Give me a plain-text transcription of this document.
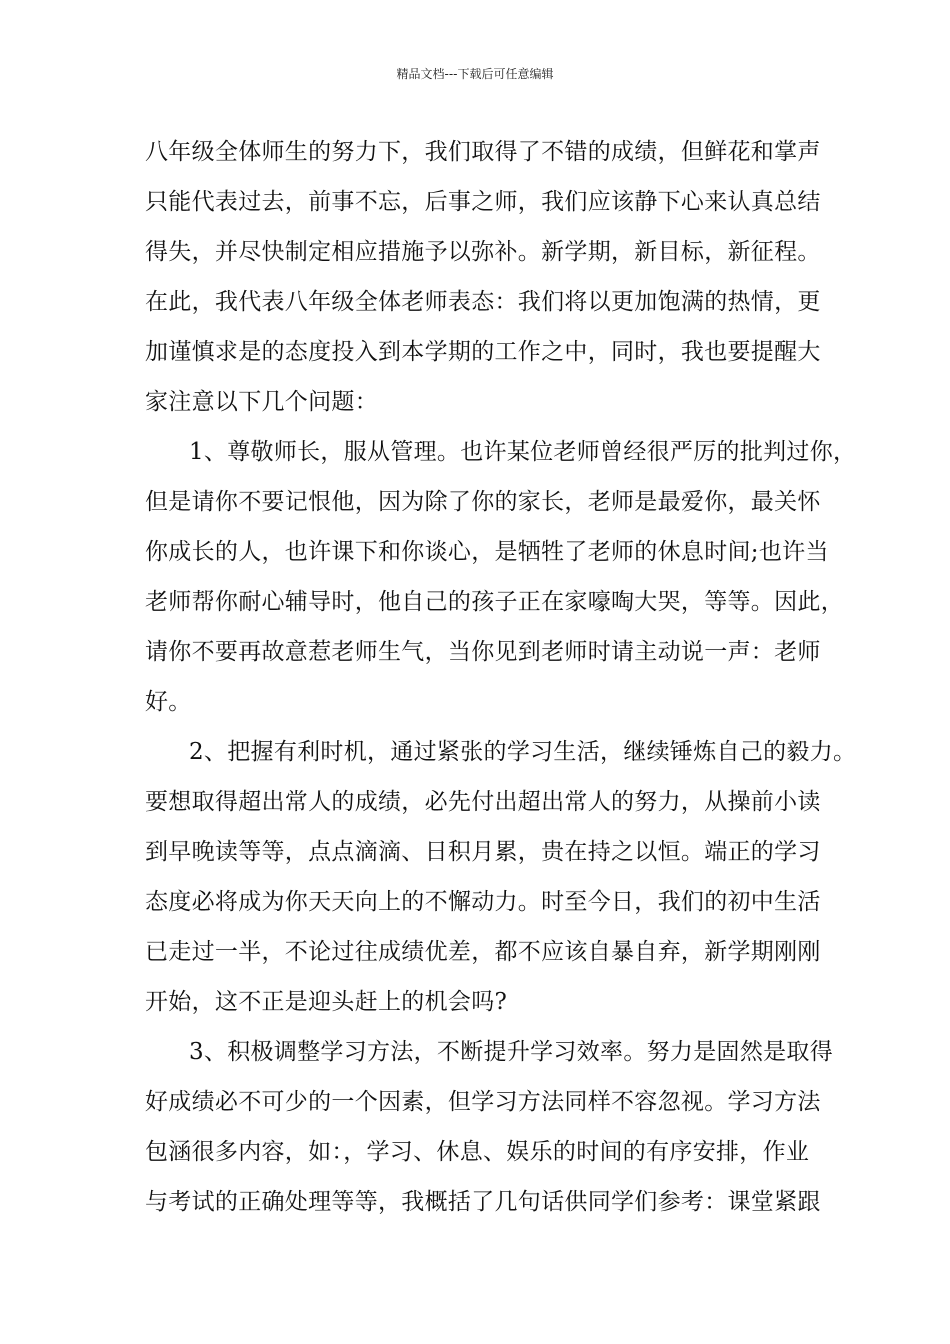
精品文档---下载后可任意编辑
八年级全体师生的努力下，我们取得了不错的成绩，但鲜花和掌声
只能代表过去，前事不忘，后事之师，我们应该静下心来认真总结
得失，并尽快制定相应措施予以弥补。新学期，新目标，新征程。
在此，我代表八年级全体老师表态：我们将以更加饱满的热情，更
加谨慎求是的态度投入到本学期的工作之中，同时，我也要提醒大
家注意以下几个问题：
1、尊敬师长，服从管理。也许某位老师曾经很严厉的批判过你，
但是请你不要记恨他，因为除了你的家长，老师是最爱你，最关怀
你成长的人，也许课下和你谈心，是牺牲了老师的休息时间;也许当
老师帮你耐心辅导时，他自己的孩子正在家嚎啕大哭，等等。因此，
请你不要再故意惹老师生气，当你见到老师时请主动说一声：老师
好。
2、把握有利时机，通过紧张的学习生活，继续锤炼自己的毅力。
要想取得超出常人的成绩，必先付出超出常人的努力，从操前小读
到早晚读等等，点点滴滴、日积月累，贵在持之以恒。端正的学习
态度必将成为你天天向上的不懈动力。时至今日，我们的初中生活
已走过一半，不论过往成绩优差，都不应该自暴自弃，新学期刚刚
开始，这不正是迎头赶上的机会吗?
3、积极调整学习方法，不断提升学习效率。努力是固然是取得
好成绩必不可少的一个因素，但学习方法同样不容忽视。学习方法
包涵很多内容，如：，学习、休息、娱乐的时间的有序安排，作业
与考试的正确处理等等，我概括了几句话供同学们参考：课堂紧跟
